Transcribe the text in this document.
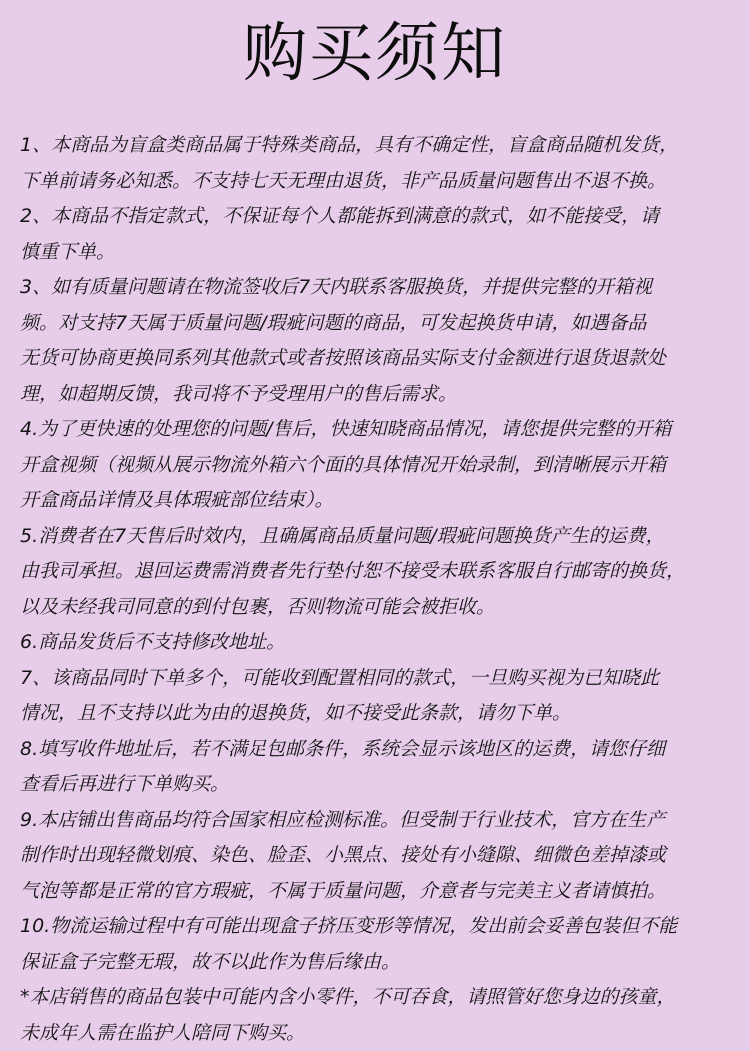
购买须知
1、本商品为盲盒类商品属于特殊类商品，具有不确定性，盲盒商品随机发货，
下单前请务必知悉。不支持七天无理由退货，非产品质量问题售出不退不换。
2、本商品不指定款式，不保证每个人都能拆到满意的款式，如不能接受，请
慎重下单。
3、如有质量问题请在物流签收后7天内联系客服换货，并提供完整的开箱视
频。对支持7天属于质量问题/瑕疵问题的商品，可发起换货申请，如遇备品
无货可协商更换同系列其他款式或者按照该商品实际支付金额进行退货退款处
理，如超期反馈，我司将不予受理用户的售后需求。
4.为了更快速的处理您的问题/售后，快速知晓商品情况，请您提供完整的开箱
开盒视频（视频从展示物流外箱六个面的具体情况开始录制，到清晰展示开箱
开盒商品详情及具体瑕疵部位结束）。
5.消费者在7天售后时效内，且确属商品质量问题/瑕疵问题换货产生的运费，
由我司承担。退回运费需消费者先行垫付恕不接受未联系客服自行邮寄的换货，
以及未经我司同意的到付包裹，否则物流可能会被拒收。
6.商品发货后不支持修改地址。
7、该商品同时下单多个，可能收到配置相同的款式，一旦购买视为已知晓此
情况，且不支持以此为由的退换货，如不接受此条款，请勿下单。
8.填写收件地址后，若不满足包邮条件，系统会显示该地区的运费，请您仔细
查看后再进行下单购买。
9.本店铺出售商品均符合国家相应检测标准。但受制于行业技术，官方在生产
制作时出现轻微划痕、染色、脸歪、小黑点、接处有小缝隙、细微色差掉漆或
气泡等都是正常的官方瑕疵，不属于质量问题，介意者与完美主义者请慎拍。
10.物流运输过程中有可能出现盒子挤压变形等情况，发出前会妥善包装但不能
保证盒子完整无瑕，故不以此作为售后缘由。
*本店销售的商品包装中可能内含小零件，不可吞食，请照管好您身边的孩童，
未成年人需在监护人陪同下购买。
